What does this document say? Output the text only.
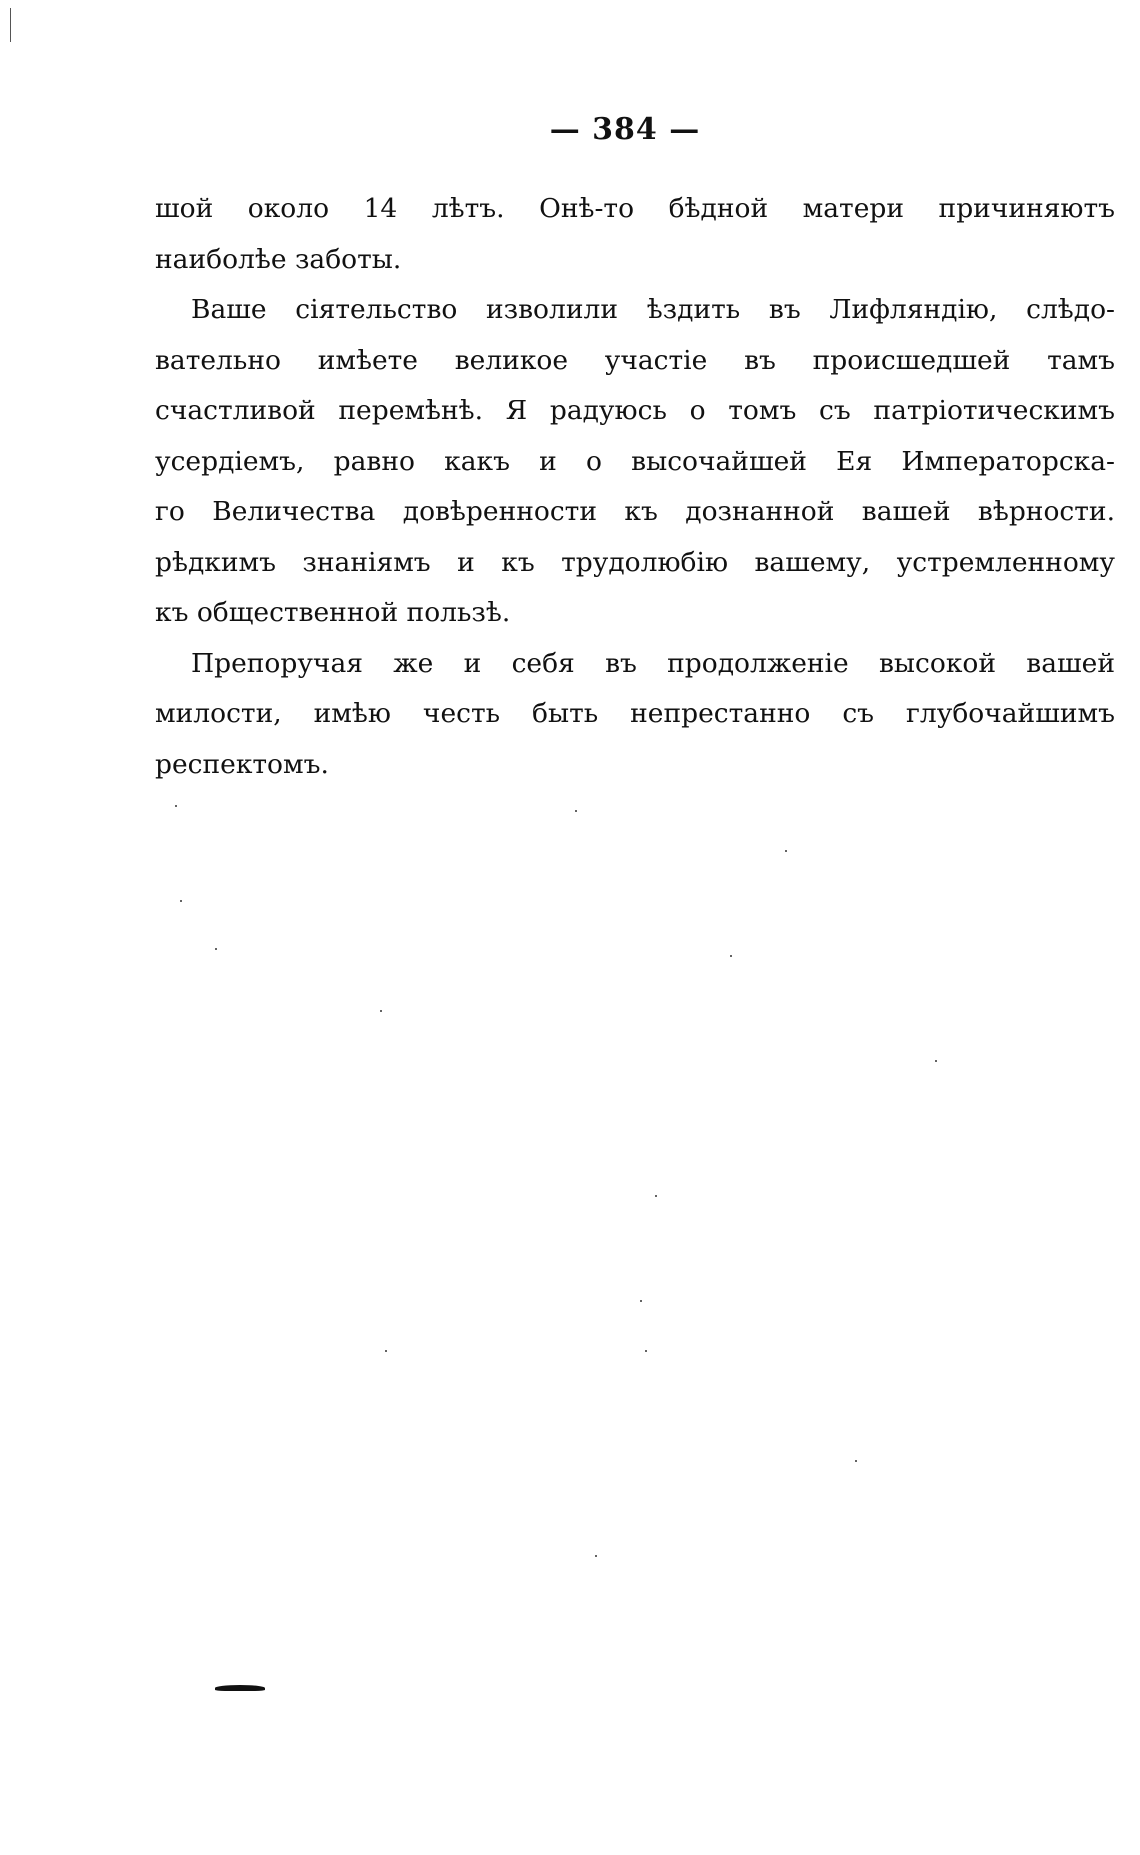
— 384 —
шой около 14 лѣтъ. Онѣ-то бѣдной матери причиняютъ
наиболѣе заботы.
Ваше сіятельство изволили ѣздить въ Лифляндію, слѣдо-
вательно имѣете великое участіе въ происшедшей тамъ
счастливой перемѣнѣ. Я радуюсь о томъ съ патріотическимъ
усердіемъ, равно какъ и о высочайшей Ея Императорска-
го Величества довѣренности къ дознанной вашей вѣрности.
рѣдкимъ знаніямъ и къ трудолюбію вашему, устремленному
къ общественной пользѣ.
Препоручая же и себя въ продолженіе высокой вашей
милости, имѣю честь быть непрестанно съ глубочайшимъ
респектомъ.
